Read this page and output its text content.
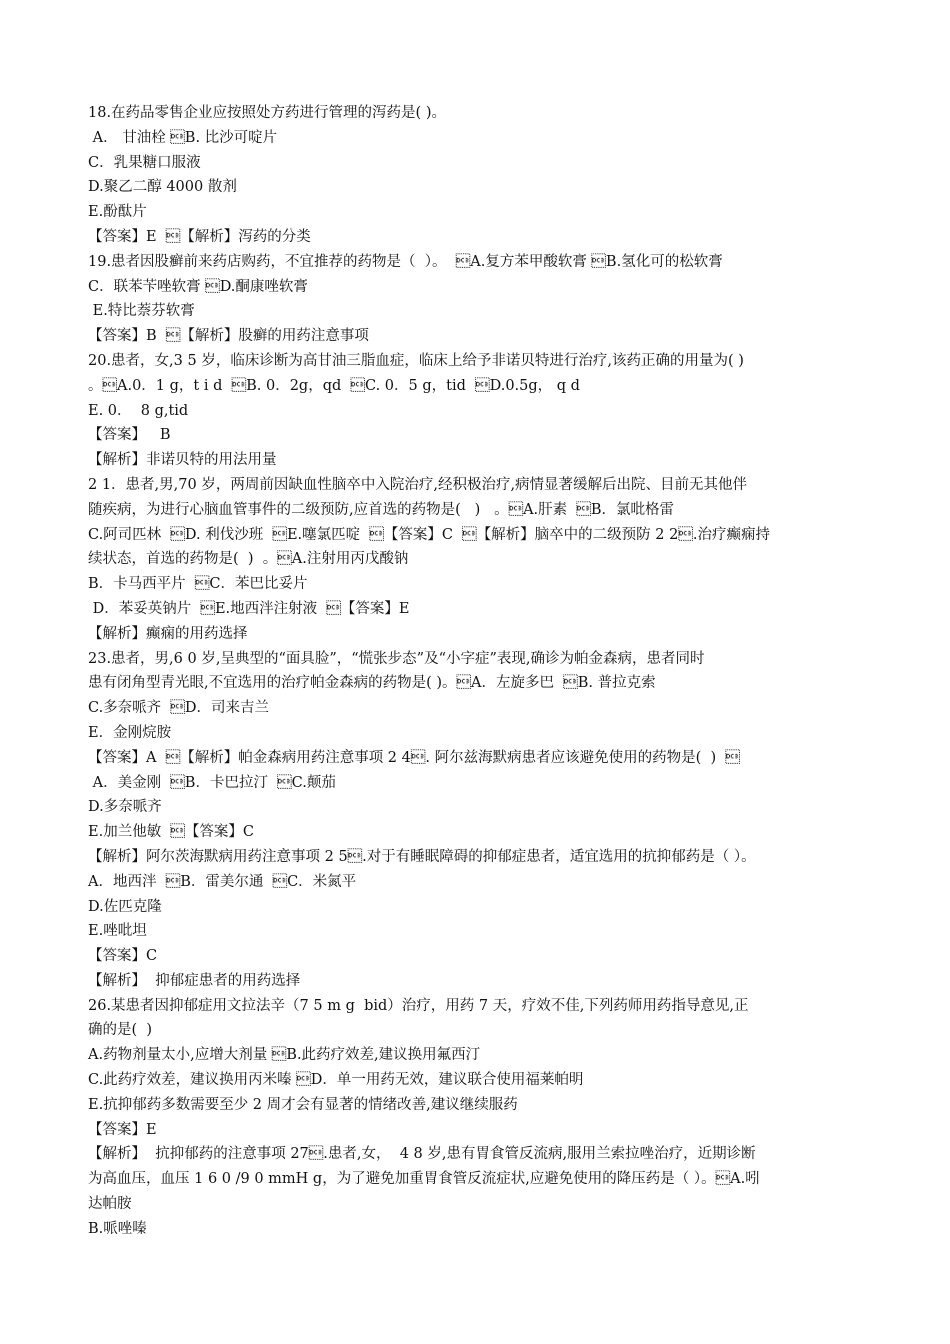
18.在药品零售企业应按照处方药进行管理的泻药是( )。
A． 甘油栓 B. 比沙可啶片
C．乳果糖口服液
D.聚乙二醇 4000 散剂
E.酚酞片
【答案】E  【解析】泻药的分类
19.患者因股癣前来药店购药，不宜推荐的药物是（  ）。  A.复方苯甲酸软膏 B.氢化可的松软膏
C．联苯苄唑软膏 D.酮康唑软膏
E.特比萘芬软膏
【答案】B  【解析】股癣的用药注意事项
20.患者，女,3 5 岁，临床诊断为高甘油三脂血症，临床上给予非诺贝特进行治疗,该药正确的用量为( )
。A.0．1 g，t i d  B. 0．2g，qd  C. 0．5 g，tid  D.0.5g， q d
E. 0．  8 g,tid
【答案】   B
【解析】非诺贝特的用法用量
2 1．患者,男,70 岁，两周前因缺血性脑卒中入院治疗,经积极治疗,病情显著缓解后出院、目前无其他伴
随疾病，为进行心脑血管事件的二级预防,应首选的药物是(   )   。A.肝素  B．氯吡格雷
C.阿司匹林  D. 利伐沙班  E.噻氯匹啶  【答案】C  【解析】脑卒中的二级预防 2 2.治疗癫痫持
续状态，首选的药物是(  )  。A.注射用丙戊酸钠
B．卡马西平片  C．苯巴比妥片
D．苯妥英钠片  E.地西泮注射液  【答案】E
【解析】癫痫的用药选择
23.患者，男,6 0 岁,呈典型的“面具脸”，“慌张步态”及“小字症”表现,确诊为帕金森病，患者同时
患有闭角型青光眼,不宜选用的治疗帕金森病的药物是( )。A．左旋多巴  B. 普拉克索
C.多奈哌齐  D．司来吉兰
E．金刚烷胺
【答案】A  【解析】帕金森病用药注意事项 2 4. 阿尔兹海默病患者应该避免使用的药物是(  )  
A．美金刚  B．卡巴拉汀  C.颠茄
D.多奈哌齐
E.加兰他敏  【答案】C
【解析】阿尔茨海默病用药注意事项 2 5.对于有睡眠障碍的抑郁症患者，适宜选用的抗抑郁药是（ ）。
A．地西泮  B．雷美尔通  C．米氮平
D.佐匹克隆
E.唑吡坦
【答案】C
【解析】  抑郁症患者的用药选择
26.某患者因抑郁症用文拉法辛（7 5 m g  bid）治疗，用药 7 天，疗效不佳,下列药师用药指导意见,正
确的是(  )
A.药物剂量太小,应增大剂量 B.此药疗效差,建议换用氟西汀
C.此药疗效差，建议换用丙米嗪 D．单一用药无效，建议联合使用福莱帕明
E.抗抑郁药多数需要至少 2 周才会有显著的情绪改善,建议继续服药
【答案】E
【解析】  抗抑郁药的注意事项 27.患者,女，  4 8 岁,患有胃食管反流病,服用兰索拉唑治疗，近期诊断
为高血压，血压 1 6 0 /9 0 mmH g，为了避免加重胃食管反流症状,应避免使用的降压药是（ ）。A.吲
达帕胺
B.哌唑嗪
